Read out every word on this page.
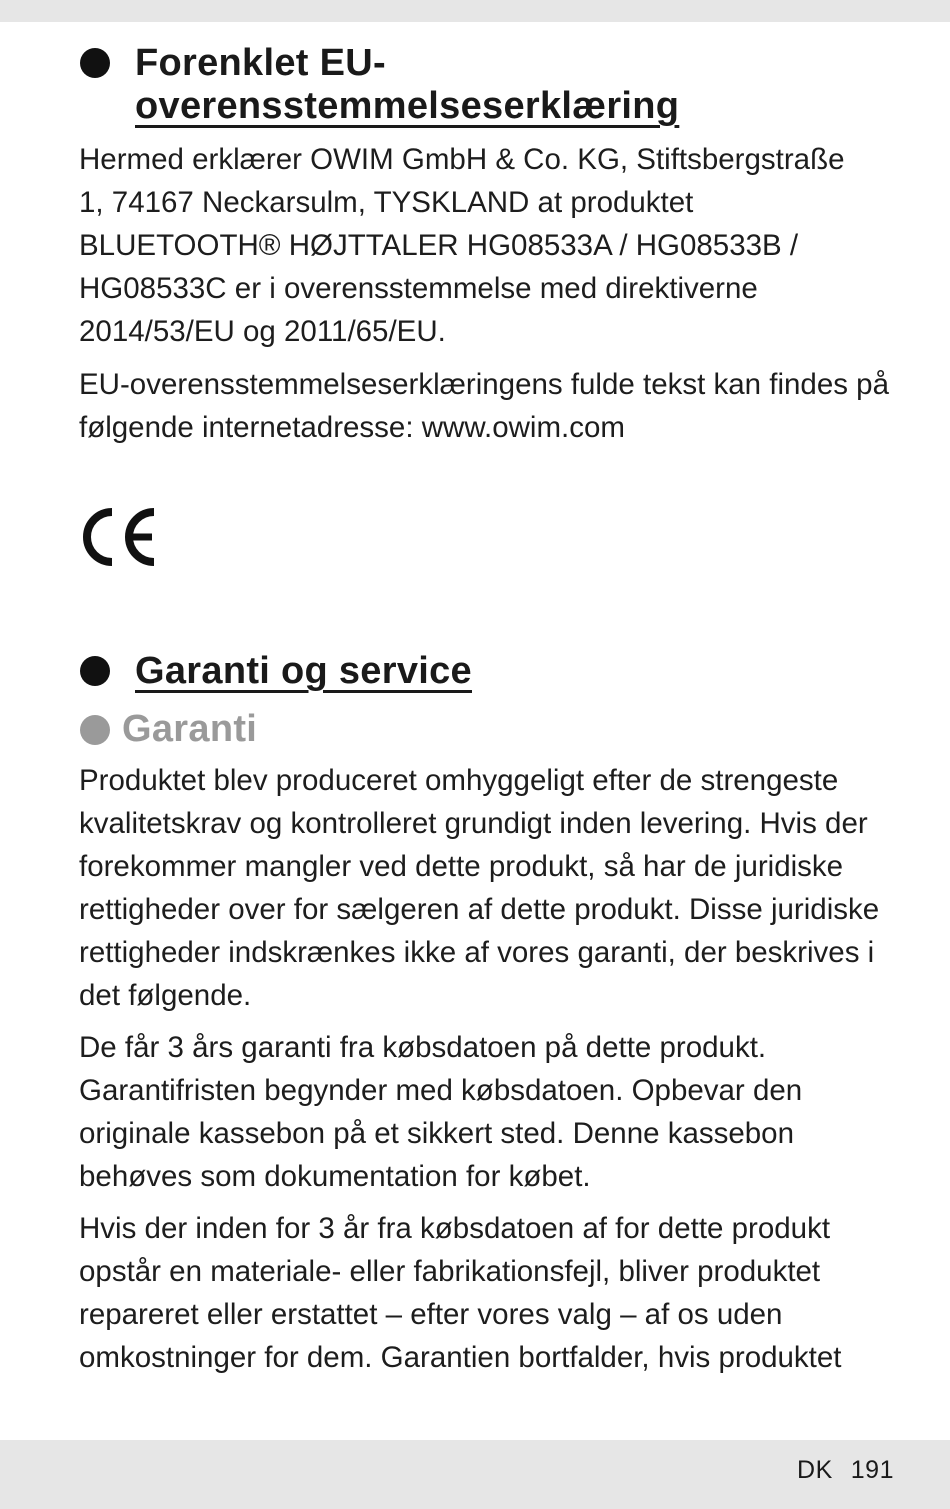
Forenklet EU-
overensstemmelseserklæring
Hermed erklærer OWIM GmbH & Co. KG, Stiftsbergstraße
1, 74167 Neckarsulm, TYSKLAND at produktet
BLUETOOTH® HØJTTALER HG08533A / HG08533B /
HG08533C er i overensstemmelse med direktiverne
2014/53/EU og 2011/65/EU.
EU-overensstemmelseserklæringens fulde tekst kan findes på
følgende internetadresse: www.owim.com
Garanti og service
Garanti
Produktet blev produceret omhyggeligt efter de strengeste
kvalitetskrav og kontrolleret grundigt inden levering. Hvis der
forekommer mangler ved dette produkt, så har de juridiske
rettigheder over for sælgeren af dette produkt. Disse juridiske
rettigheder indskrænkes ikke af vores garanti, der beskrives i
det følgende.
De får 3 års garanti fra købsdatoen på dette produkt.
Garantifristen begynder med købsdatoen. Opbevar den
originale kassebon på et sikkert sted. Denne kassebon
behøves som dokumentation for købet.
Hvis der inden for 3 år fra købsdatoen af for dette produkt
opstår en materiale- eller fabrikationsfejl, bliver produktet
repareret eller erstattet – efter vores valg – af os uden
omkostninger for dem. Garantien bortfalder, hvis produktet
DK 191
